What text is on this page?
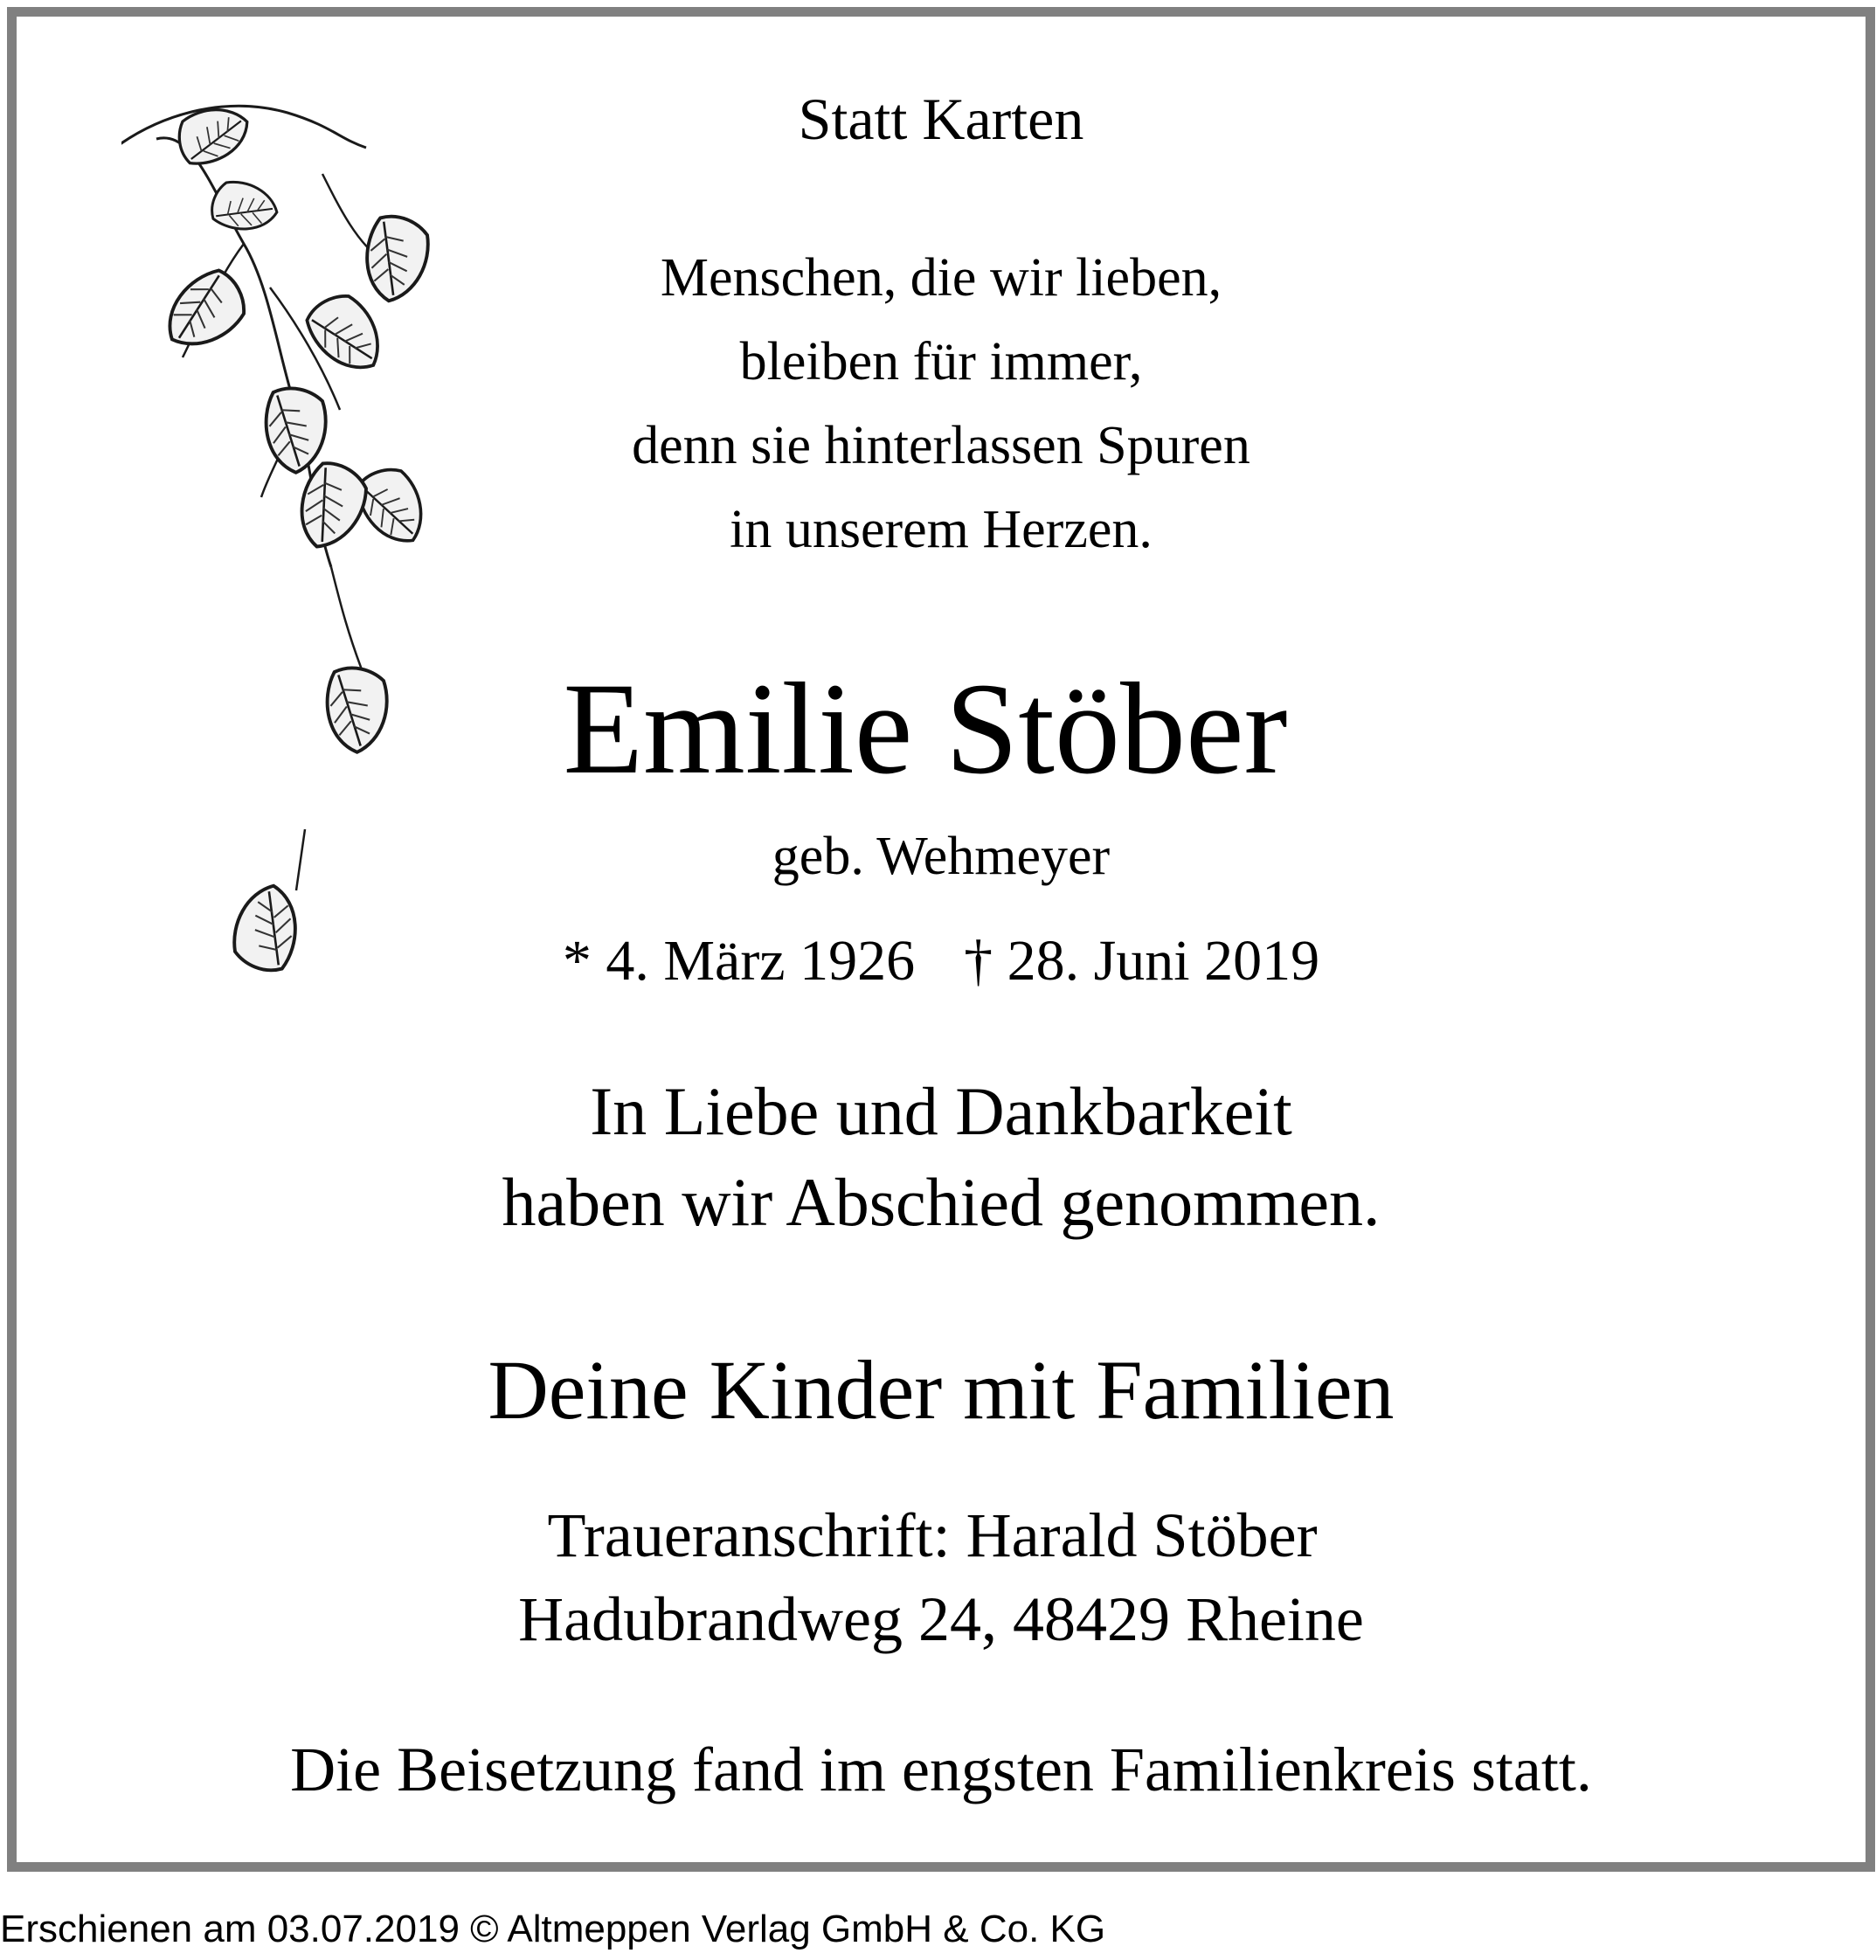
Statt Karten
Menschen, die wir lieben,
bleiben für immer,
denn sie hinterlassen Spuren
in unserem Herzen.
Emilie Stöber
geb. Wehmeyer
* 4. März 1926 † 28. Juni 2019
In Liebe und Dankbarkeit
haben wir Abschied genommen.
Deine Kinder mit Familien
Traueranschrift: Harald Stöber
Hadubrandweg 24, 48429 Rheine
Die Beisetzung fand im engsten Familienkreis statt.
Erschienen am 03.07.2019 © Altmeppen Verlag GmbH & Co. KG
